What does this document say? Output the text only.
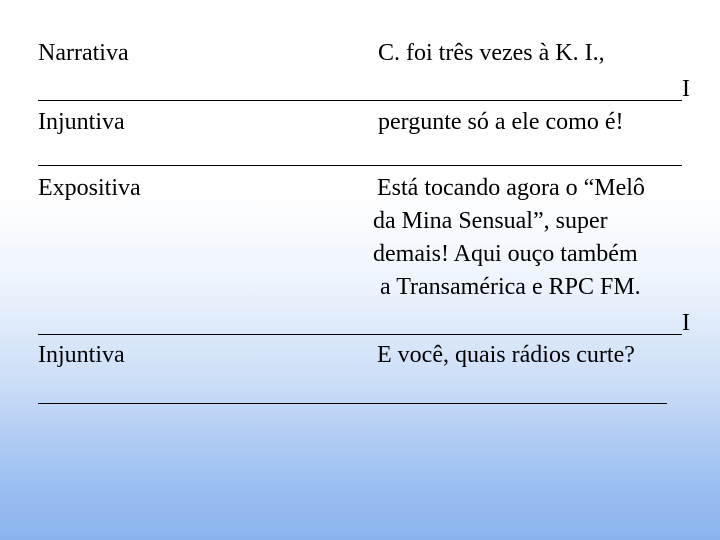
Narrativa	C. foi três vezes à K. I.,
I
Injuntiva	pergunte só a ele como é!
Expositiva	Está tocando agora o “Melô
da Mina Sensual”, super
demais! Aqui ouço também
a Transamérica e RPC FM.
I
Injuntiva	E você, quais rádios curte?
